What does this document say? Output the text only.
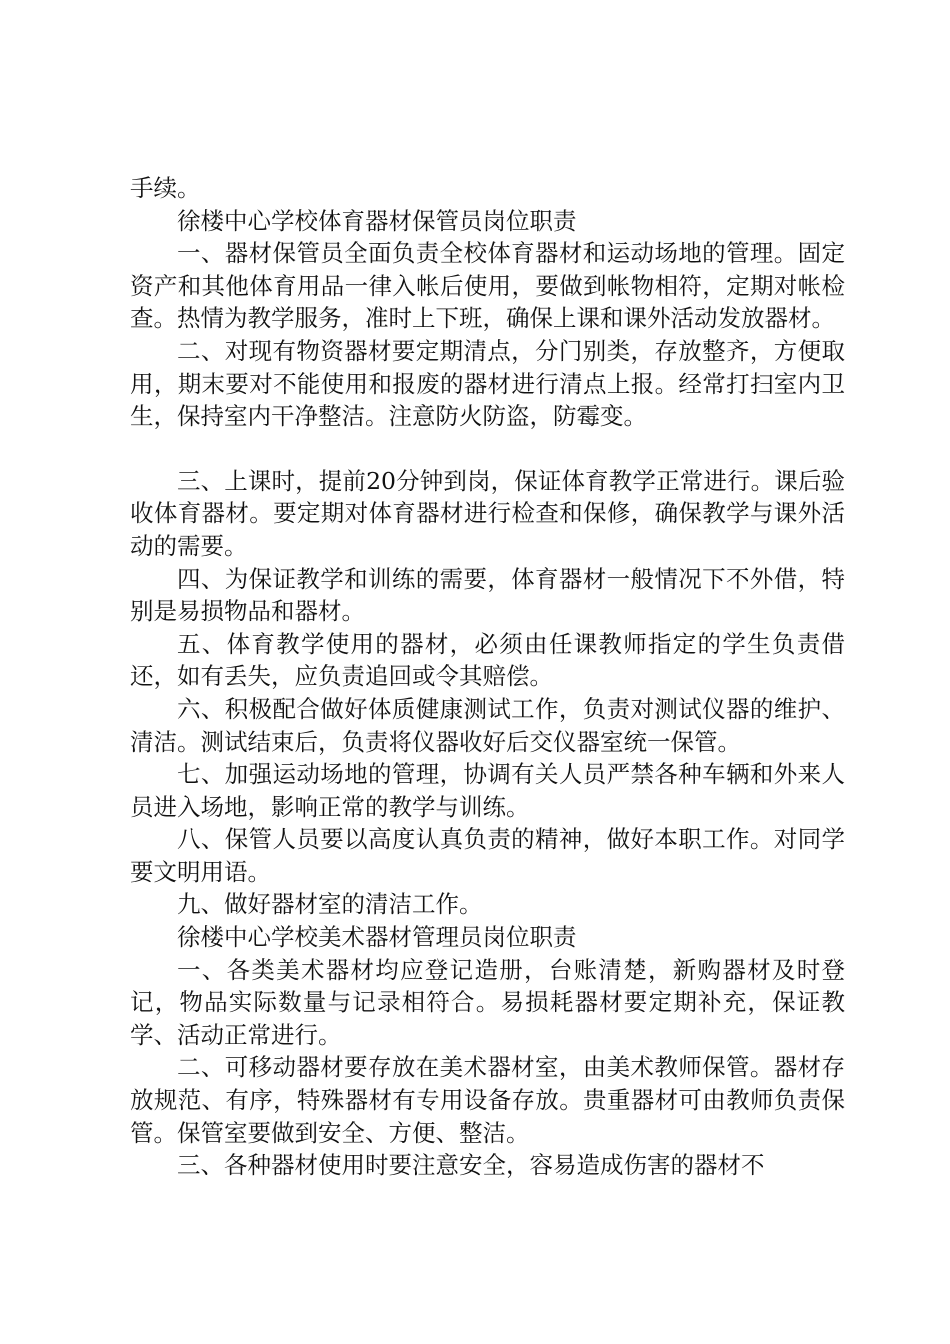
手续。

徐楼中心学校体育器材保管员岗位职责

一、器材保管员全面负责全校体育器材和运动场地的管理。固定资产和其他体育用品一律入帐后使用，要做到帐物相符，定期对帐检查。热情为教学服务，准时上下班，确保上课和课外活动发放器材。

二、对现有物资器材要定期清点，分门别类，存放整齐，方便取用，期末要对不能使用和报废的器材进行清点上报。经常打扫室内卫生，保持室内干净整洁。注意防火防盗，防霉变。

三、上课时，提前20分钟到岗，保证体育教学正常进行。课后验收体育器材。要定期对体育器材进行检查和保修，确保教学与课外活动的需要。

四、为保证教学和训练的需要，体育器材一般情况下不外借，特别是易损物品和器材。

五、体育教学使用的器材，必须由任课教师指定的学生负责借还，如有丢失，应负责追回或令其赔偿。

六、积极配合做好体质健康测试工作，负责对测试仪器的维护、清洁。测试结束后，负责将仪器收好后交仪器室统一保管。

七、加强运动场地的管理，协调有关人员严禁各种车辆和外来人员进入场地，影响正常的教学与训练。

八、保管人员要以高度认真负责的精神，做好本职工作。对同学要文明用语。

九、做好器材室的清洁工作。

徐楼中心学校美术器材管理员岗位职责

一、各类美术器材均应登记造册，台账清楚，新购器材及时登记，物品实际数量与记录相符合。易损耗器材要定期补充，保证教学、活动正常进行。

二、可移动器材要存放在美术器材室，由美术教师保管。器材存放规范、有序，特殊器材有专用设备存放。贵重器材可由教师负责保管。保管室要做到安全、方便、整洁。

三、各种器材使用时要注意安全，容易造成伤害的器材不
